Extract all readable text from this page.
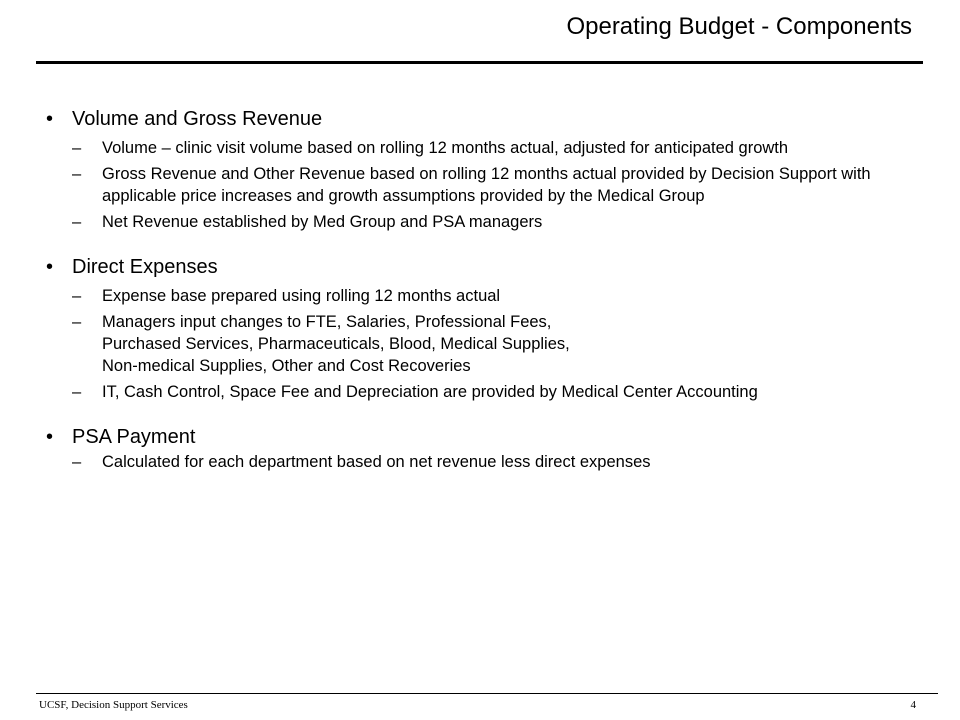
Operating Budget - Components
• Volume and Gross Revenue
– Volume – clinic visit volume based on rolling 12 months actual, adjusted for anticipated growth
– Gross Revenue and Other Revenue based on rolling 12 months actual provided by Decision Support with applicable price increases and growth assumptions provided by the Medical Group
– Net Revenue established by Med Group and PSA managers
• Direct Expenses
– Expense base prepared using rolling 12 months actual
– Managers input changes to FTE, Salaries, Professional Fees,
Purchased Services, Pharmaceuticals, Blood, Medical Supplies,
Non-medical Supplies, Other and Cost Recoveries
– IT, Cash Control, Space Fee and Depreciation are provided by Medical Center Accounting
• PSA Payment
– Calculated for each department based on net revenue less direct expenses
UCSF, Decision Support Services	4
